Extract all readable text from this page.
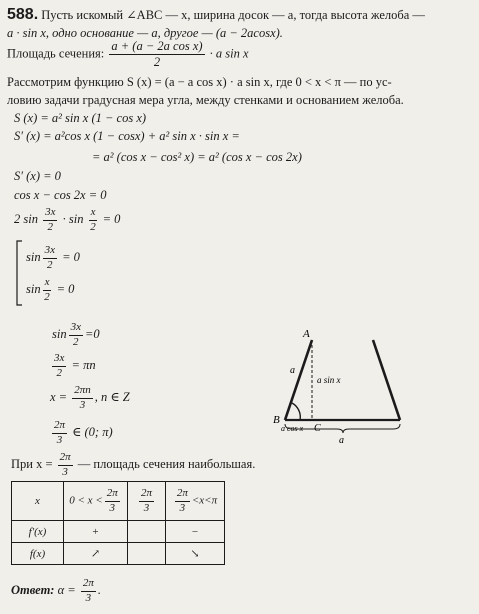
588. Пусть искомый ∠ABC — x, ширина досок — a, тогда высота желоба —
a · sin x, одно основание — a, другое — (a − 2acosx).
Площадь сечения: $\frac{\text{a + (a − 2a cos x)}}{2} \cdot a$ sin x
Рассмотрим функцию S (x) = (a − a cos x) · a sin x, где 0 < x < π — по ус-
ловию задачи градусная мера угла, между стенками и основанием желоба.
S (x) = a² sin x (1 − cos x)
S′ (x) = a²cos x (1 − cosx) + a² sin x · sin x =
= a² (cos x − cos² x) = a² (cos x − cos 2x)
S′ (x) = 0
cos x − cos 2x = 0
2 $\sin \frac{3x}{2} \cdot \sin \frac{x}{2} = 0$
$\sin \frac{3x}{2} = 0$
$\sin \frac{x}{2} = 0$
$\sin \frac{3x}{2} =0$
$\frac{3x}{2} = \pi n$
$x = \frac{2\pi n}{3}$ , n ∈ Z
$\frac{2\pi}{3}$ ∈ (0; π)
A
B
C
a
a sin x
a cos x
a
При $x = \frac{2\pi}{3}$ — площадь сечения наибольшая.
x	$0 < x < \frac{2\pi}{3}$	$\frac{2\pi}{3}$	$\frac{2\pi}{3} <x<\pi$
f′(x)	+		−
f(x)	↗		↘
Ответ: $\alpha = \frac{2\pi}{3}$ .
